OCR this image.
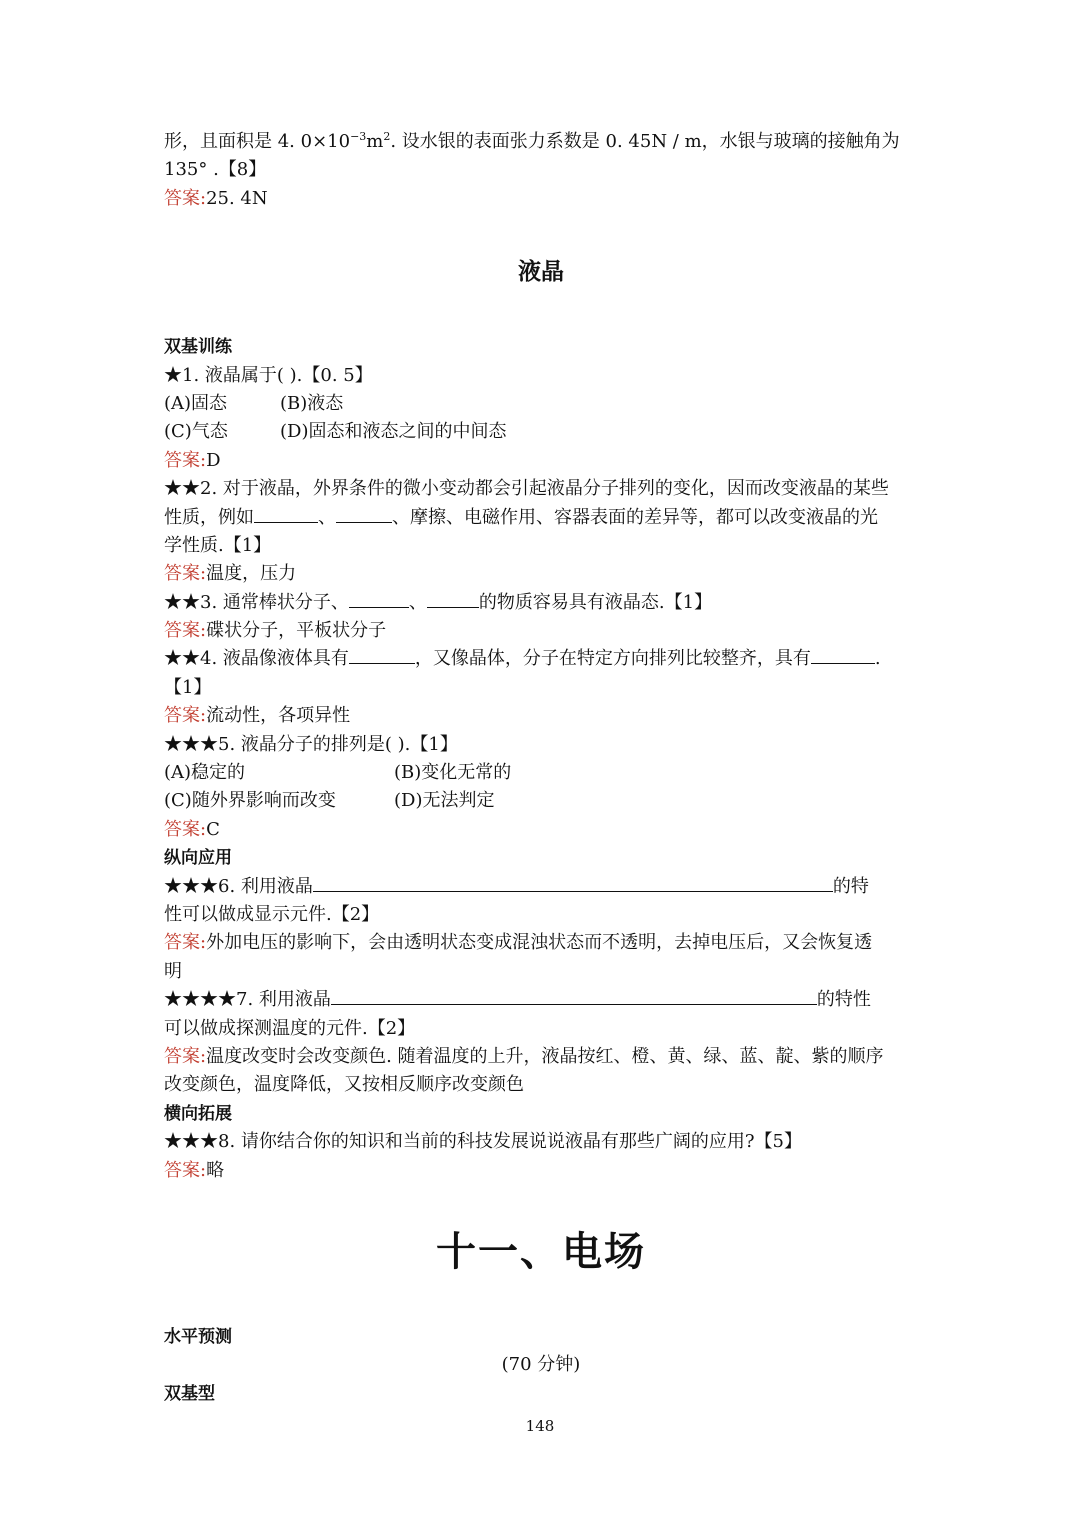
形，且面积是 4. $0\times 10^{-3}m^2$. 设水银的表面张力系数是 0. 45N / m，水银与玻璃的接触角为
135° .【8】
答案:25. 4N
液晶
双基训练
★1. 液晶属于( ).【0. 5】
(A)固态	(B)液态
(C)气态	(D)固态和液态之间的中间态
答案:D
★★2. 对于液晶，外界条件的微小变动都会引起液晶分子排列的变化，因而改变液晶的某些
性质，例如	、	、摩擦、电磁作用、容器表面的差异等，都可以改变液晶的光
学性质.【1】
答案:温度，压力
★★3. 通常棒状分子、	、	的物质容易具有液晶态.【1】
答案:碟状分子，平板状分子
★★4. 液晶像液体具有	，又像晶体，分子在特定方向排列比较整齐，具有	.
【1】
答案:流动性，各项异性
★★★5. 液晶分子的排列是( ).【1】
(A)稳定的	(B)变化无常的
(C)随外界影响而改变	(D)无法判定
答案:C
纵向应用
★★★6. 利用液晶	的特
性可以做成显示元件.【2】
答案:外加电压的影响下，会由透明状态变成混浊状态而不透明，去掉电压后，又会恢复透
明
★★★★7. 利用液晶	的特性
可以做成探测温度的元件.【2】
答案:温度改变时会改变颜色. 随着温度的上升，液晶按红、橙、黄、绿、蓝、靛、紫的顺序
改变颜色，温度降低，又按相反顺序改变颜色
横向拓展
★★★8. 请你结合你的知识和当前的科技发展说说液晶有那些广阔的应用?【5】
答案:略
十一、电场
水平预测
(70 分钟)
双基型
148
